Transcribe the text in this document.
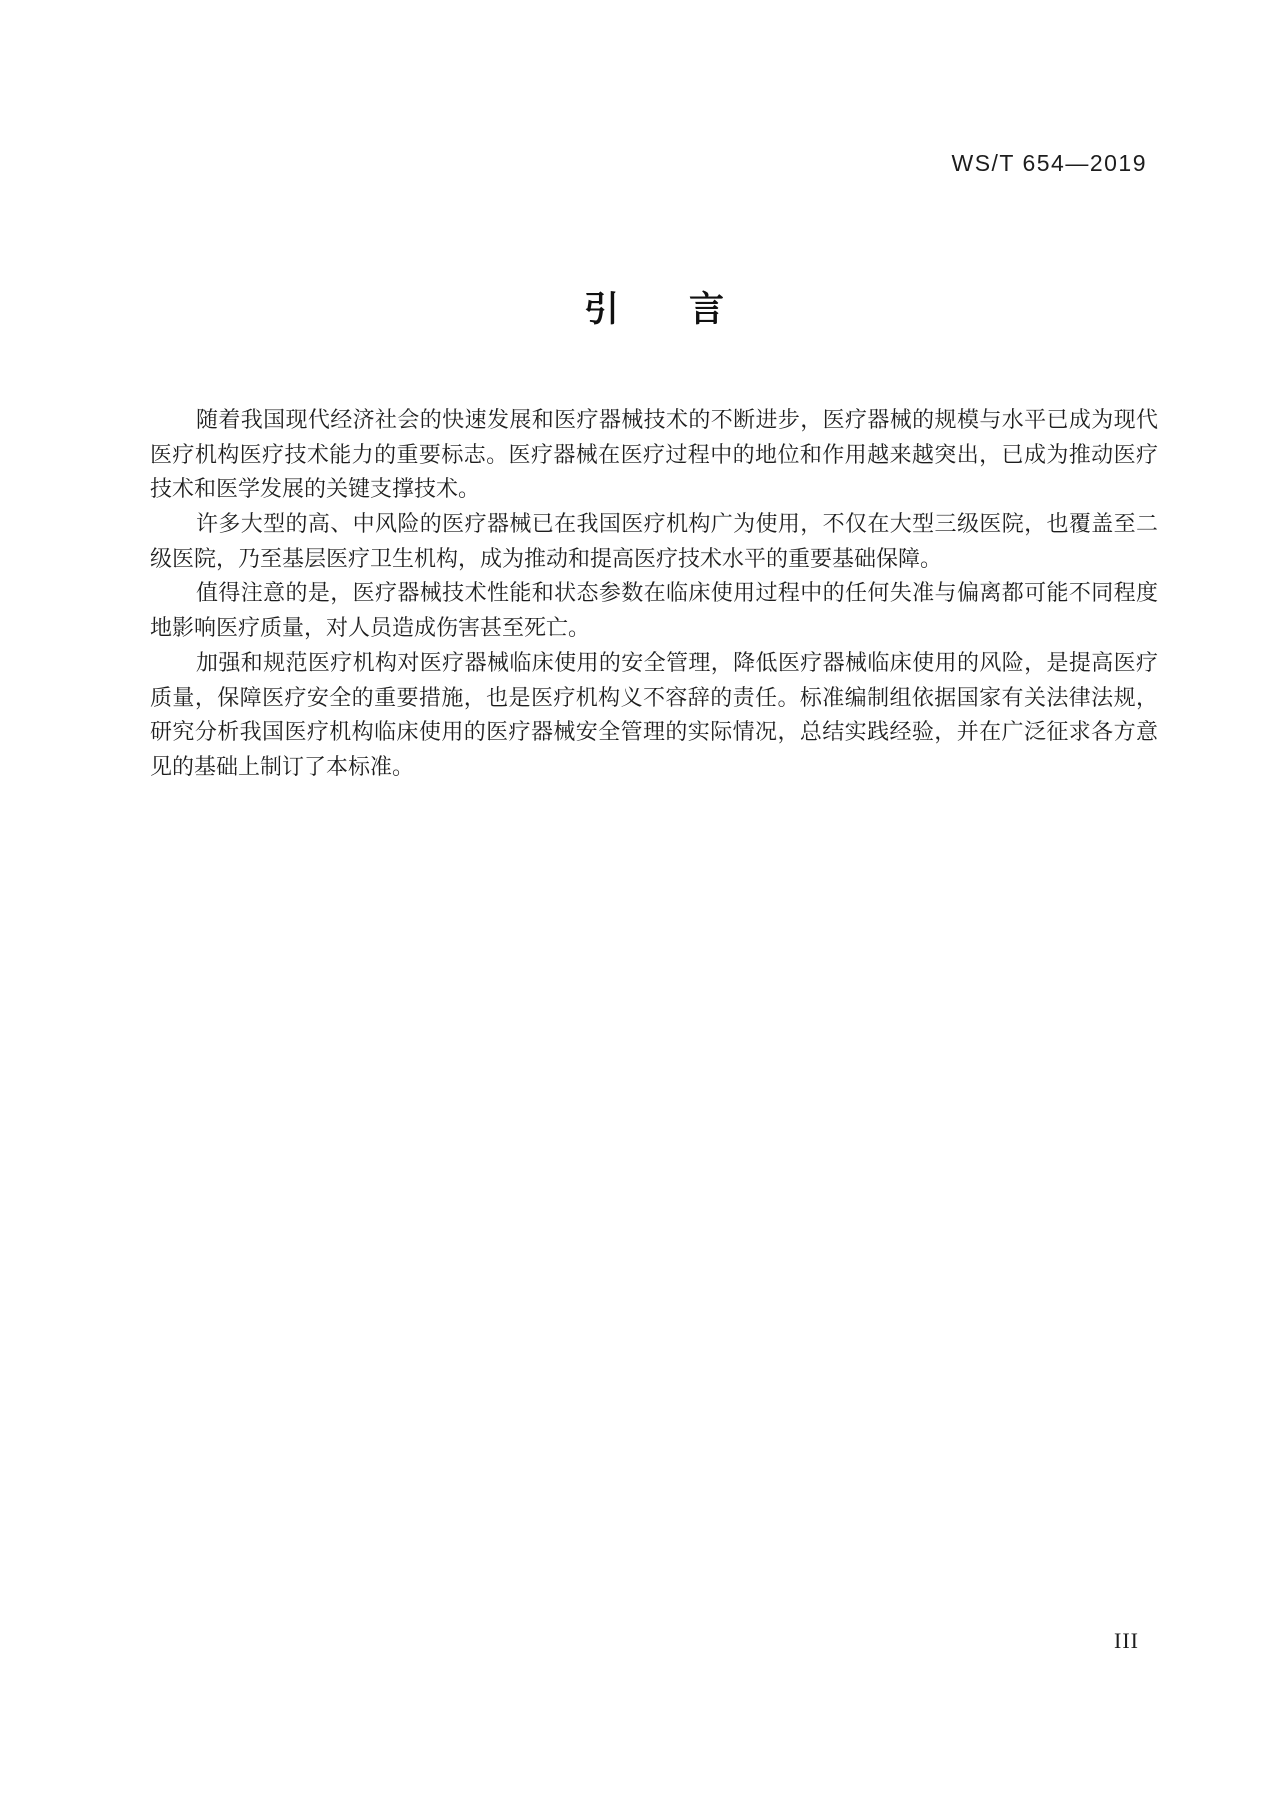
WS/T 654—2019
引　　言
随着我国现代经济社会的快速发展和医疗器械技术的不断进步，医疗器械的规模与水平已成为现代
医疗机构医疗技术能力的重要标志。医疗器械在医疗过程中的地位和作用越来越突出，已成为推动医疗
技术和医学发展的关键支撑技术。
许多大型的高、中风险的医疗器械已在我国医疗机构广为使用，不仅在大型三级医院，也覆盖至二
级医院，乃至基层医疗卫生机构，成为推动和提高医疗技术水平的重要基础保障。
值得注意的是，医疗器械技术性能和状态参数在临床使用过程中的任何失准与偏离都可能不同程度
地影响医疗质量，对人员造成伤害甚至死亡。
加强和规范医疗机构对医疗器械临床使用的安全管理，降低医疗器械临床使用的风险，是提高医疗
质量，保障医疗安全的重要措施，也是医疗机构义不容辞的责任。标准编制组依据国家有关法律法规，
研究分析我国医疗机构临床使用的医疗器械安全管理的实际情况，总结实践经验，并在广泛征求各方意
见的基础上制订了本标准。
III
